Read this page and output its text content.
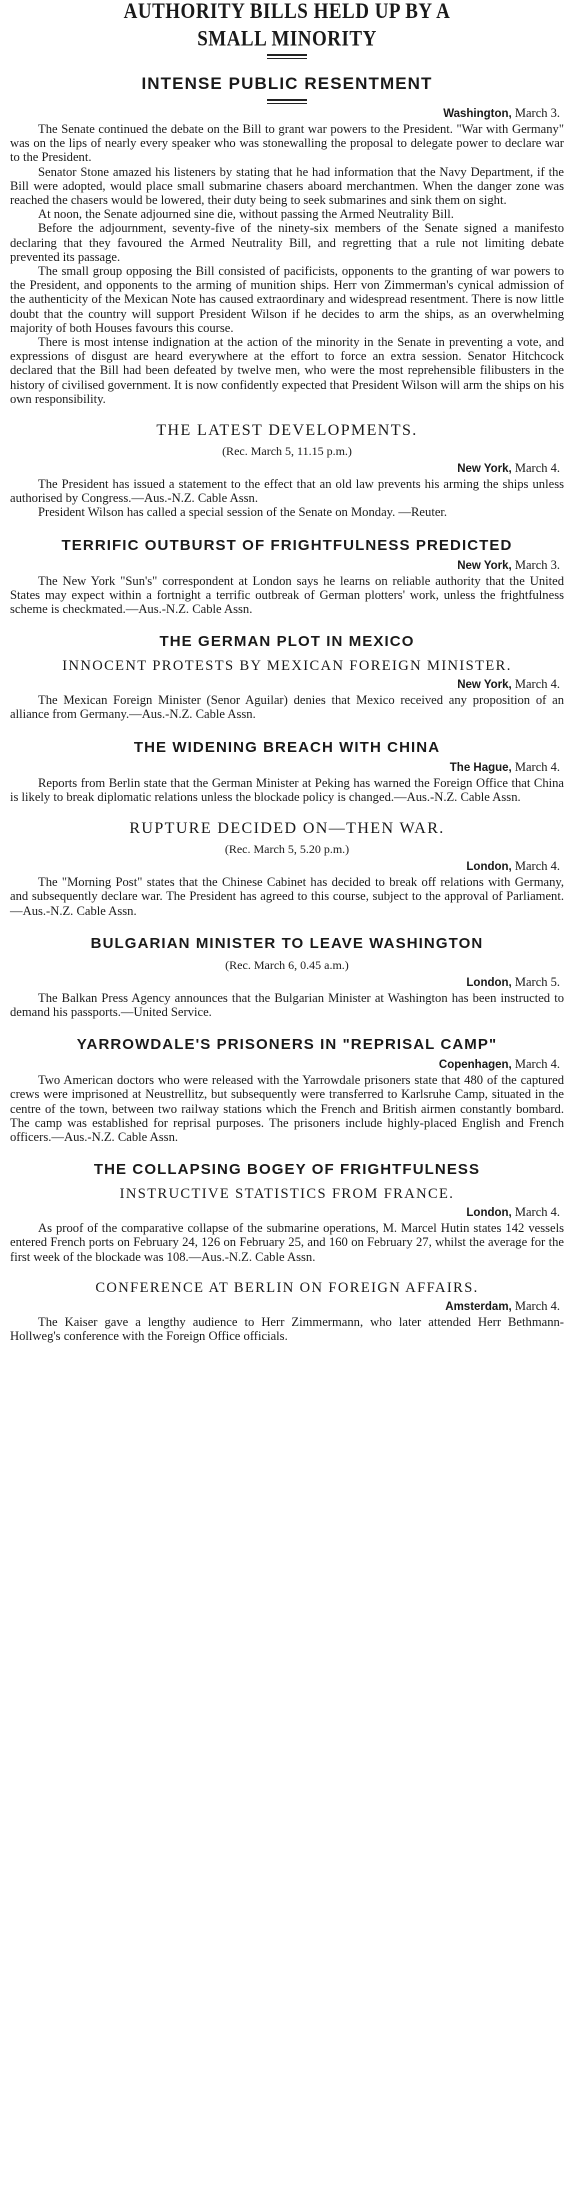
AUTHORITY BILLS HELD UP BY A
SMALL MINORITY
INTENSE PUBLIC RESENTMENT
Washington, March 3.

The Senate continued the debate on the Bill to grant war powers to the President. "War with Germany" was on the lips of nearly every speaker who was stonewalling the proposal to delegate power to declare war to the President.

Senator Stone amazed his listeners by stating that he had information that the Navy Department, if the Bill were adopted, would place small submarine chasers aboard merchantmen. When the danger zone was reached the chasers would be lowered, their duty being to seek submarines and sink them on sight.

At noon, the Senate adjourned sine die, without passing the Armed Neutrality Bill.

Before the adjournment, seventy-five of the ninety-six members of the Senate signed a manifesto declaring that they favoured the Armed Neutrality Bill, and regretting that a rule not limiting debate prevented its passage.

The small group opposing the Bill consisted of pacificists, opponents to the granting of war powers to the President, and opponents to the arming of munition ships. Herr von Zimmerman's cynical admission of the authenticity of the Mexican Note has caused extraordinary and widespread resentment. There is now little doubt that the country will support President Wilson if he decides to arm the ships, as an overwhelming majority of both Houses favours this course.

There is most intense indignation at the action of the minority in the Senate in preventing a vote, and expressions of disgust are heard everywhere at the effort to force an extra session. Senator Hitchcock declared that the Bill had been defeated by twelve men, who were the most reprehensible filibusters in the history of civilised government. It is now confidently expected that President Wilson will arm the ships on his own responsibility.

THE LATEST DEVELOPMENTS.
(Rec. March 5, 11.15 p.m.)
New York, March 4.

The President has issued a statement to the effect that an old law prevents his arming the ships unless authorised by Congress.—Aus.-N.Z. Cable Assn.

President Wilson has called a special session of the Senate on Monday. —Reuter.

TERRIFIC OUTBURST OF FRIGHTFULNESS PREDICTED
New York, March 3.

The New York "Sun's" correspondent at London says he learns on reliable authority that the United States may expect within a fortnight a terrific outbreak of German plotters' work, unless the frightfulness scheme is checkmated.—Aus.-N.Z. Cable Assn.

THE GERMAN PLOT IN MEXICO
INNOCENT PROTESTS BY MEXICAN FOREIGN MINISTER.
New York, March 4.

The Mexican Foreign Minister (Senor Aguilar) denies that Mexico received any proposition of an alliance from Germany.—Aus.-N.Z. Cable Assn.

THE WIDENING BREACH WITH CHINA
The Hague, March 4.

Reports from Berlin state that the German Minister at Peking has warned the Foreign Office that China is likely to break diplomatic relations unless the blockade policy is changed.—Aus.-N.Z. Cable Assn.

RUPTURE DECIDED ON—THEN WAR.
(Rec. March 5, 5.20 p.m.)
London, March 4.

The "Morning Post" states that the Chinese Cabinet has decided to break off relations with Germany, and subsequently declare war. The President has agreed to this course, subject to the approval of Parliament.—Aus.-N.Z. Cable Assn.

BULGARIAN MINISTER TO LEAVE WASHINGTON
(Rec. March 6, 0.45 a.m.)
London, March 5.

The Balkan Press Agency announces that the Bulgarian Minister at Washington has been instructed to demand his passports.—United Service.

YARROWDALE'S PRISONERS IN "REPRISAL CAMP"
Copenhagen, March 4.

Two American doctors who were released with the Yarrowdale prisoners state that 480 of the captured crews were imprisoned at Neustrellitz, but subsequently were transferred to Karlsruhe Camp, situated in the centre of the town, between two railway stations which the French and British airmen constantly bombard. The camp was established for reprisal purposes. The prisoners include highly-placed English and French officers.—Aus.-N.Z. Cable Assn.

THE COLLAPSING BOGEY OF FRIGHTFULNESS
INSTRUCTIVE STATISTICS FROM FRANCE.
London, March 4.

As proof of the comparative collapse of the submarine operations, M. Marcel Hutin states 142 vessels entered French ports on February 24, 126 on February 25, and 160 on February 27, whilst the average for the first week of the blockade was 108.—Aus.-N.Z. Cable Assn.

CONFERENCE AT BERLIN ON FOREIGN AFFAIRS.
Amsterdam, March 4.

The Kaiser gave a lengthy audience to Herr Zimmermann, who later attended Herr Bethmann-Hollweg's conference with the Foreign Office officials.
